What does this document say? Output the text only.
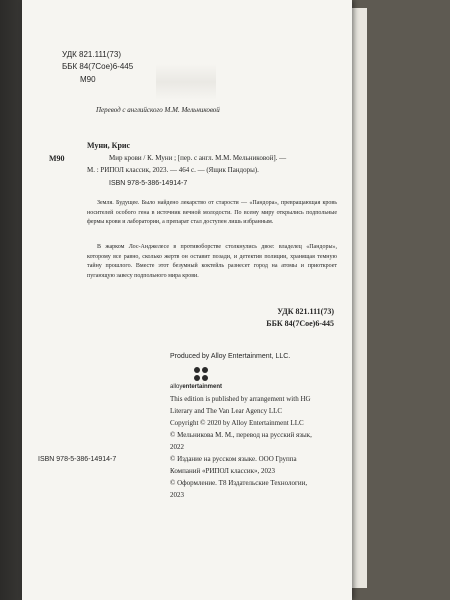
УДК 821.111(73)
ББК 84(7Сое)6-445
М90
Перевод с английского М.М. Мельниковой
Муни, Крис
М90	Мир крови / К. Муни ; [пер. с англ. М.М. Мельниковой]. —
М. : РИПОЛ классик, 2023. — 464 с. — (Ящик Пандоры).
ISBN 978-5-386-14914-7
Земля. Будущее. Было найдено лекарство от старости — «Пандора», превращающая кровь носителей особого гена в источник вечной молодости. По всему миру открылись подпольные фермы крови и лаборатории, а препарат стал доступен лишь избранным.
В жарком Лос-Анджелесе в противоборстве столкнулись двое: владелец «Пандоры», которому все равно, сколько жертв он оставит позади, и детектив полиции, хранящая темную тайну прошлого. Вместе этот безумный коктейль разнесет город на атомы и приоткроет пугающую завесу подпольного мира крови.
УДК 821.111(73)
ББК 84(7Сое)6-445
Produced by Alloy Entertainment, LLC.
alloyentertainment
This edition is published by arrangement with HG
Literary and The Van Lear Agency LLC
Copyright © 2020 by Alloy Entertainment LLC
© Мельникова М. М., перевод на русский язык,
2022
© Издание на русском языке. ООО Группа
Компаний «РИПОЛ классик», 2023
© Оформление. Т8 Издательские Технологии,
2023
ISBN 978-5-386-14914-7
